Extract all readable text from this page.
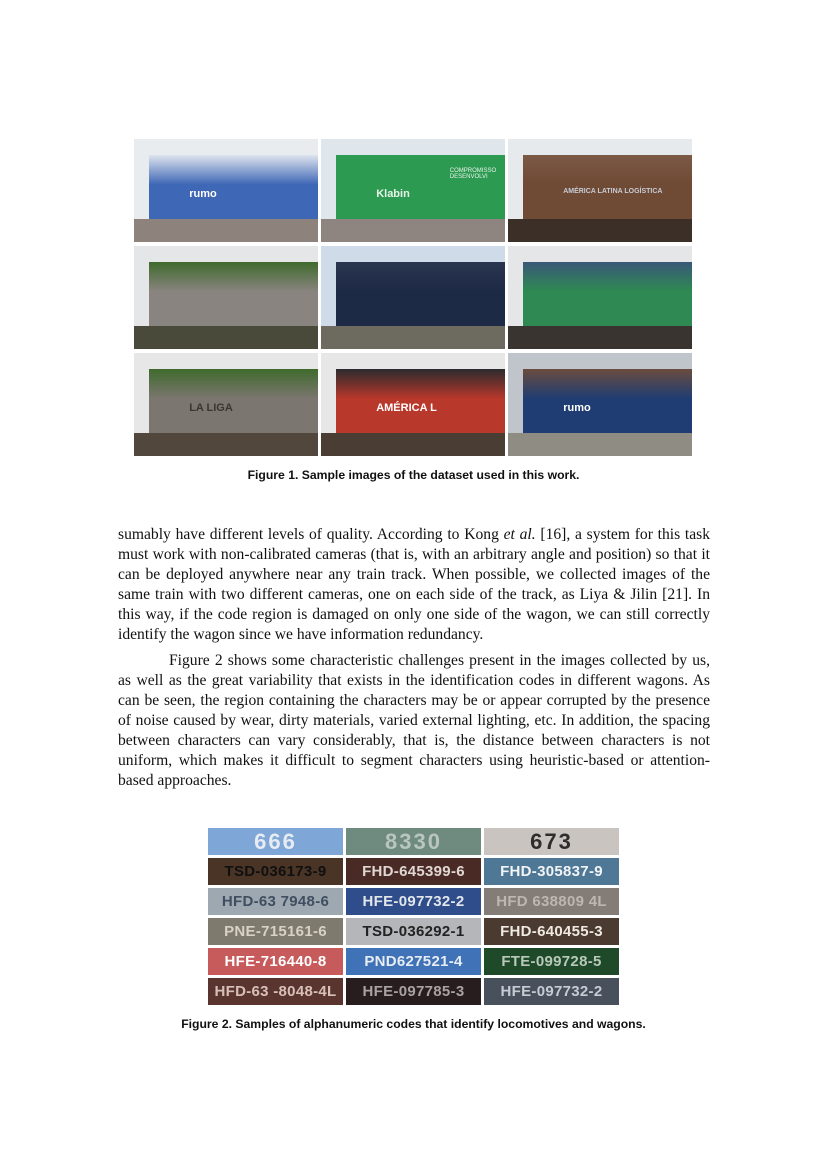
rumo	Klabin
COMPROMISSO DESENVOLVI
AMÉRICA LATINA LOGÍSTICA
LA LIGA	AMÉRICA L	rumo
Figure 1. Sample images of the dataset used in this work.

sumably have different levels of quality. According to Kong et al. [16], a system for this task must work with non-calibrated cameras (that is, with an arbitrary angle and position) so that it can be deployed anywhere near any train track. When possible, we collected images of the same train with two different cameras, one on each side of the track, as Liya & Jilin [21]. In this way, if the code region is damaged on only one side of the wagon, we can still correctly identify the wagon since we have information redundancy.

Figure 2 shows some characteristic challenges present in the images collected by us, as well as the great variability that exists in the identification codes in different wagons. As can be seen, the region containing the characters may be or appear corrupted by the presence of noise caused by wear, dirty materials, varied external lighting, etc. In addition, the spacing between characters can vary considerably, that is, the distance between characters is not uniform, which makes it difficult to segment characters using heuristic-based or attention-based approaches.

666	8330	673
TSD-036173-9	FHD-645399-6	FHD-305837-9
HFD-63 7948-6	HFE-097732-2	HFD 638809 4L
PNE-715161-6	TSD-036292-1	FHD-640455-3
HFE-716440-8	PND627521-4	FTE-099728-5
HFD-63 -8048-4L	HFE-097785-3	HFE-097732-2
Figure 2. Samples of alphanumeric codes that identify locomotives and wagons.
